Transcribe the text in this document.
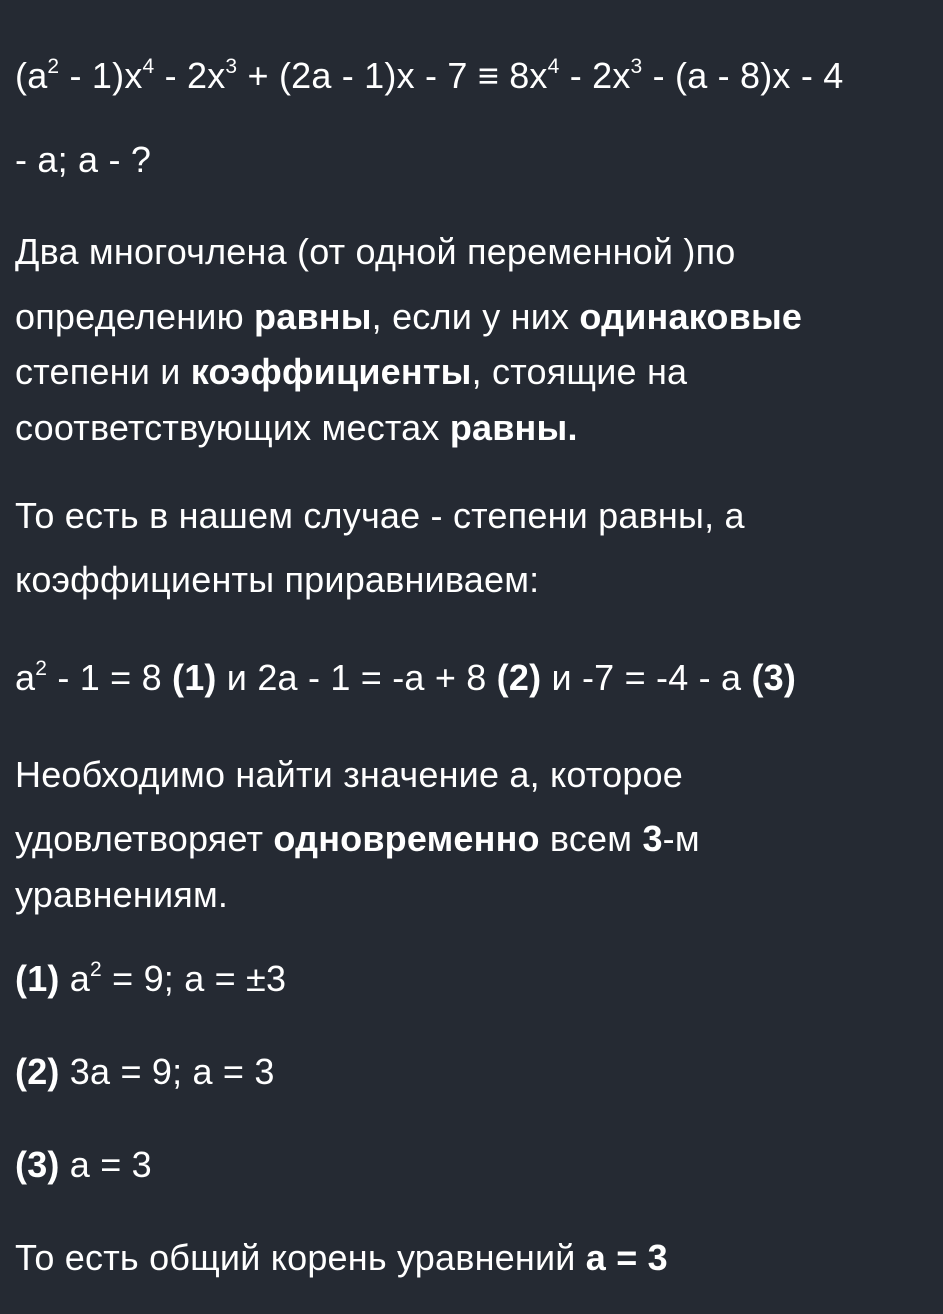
$(a^2 - 1)x^4 - 2x^3 + (2a - 1)x - 7 \equiv 8x^4 - 2x^3 - (a - 8)x - 4$
- a; a - ?
Два многочлена (от одной переменной )по
определению равны, если у них одинаковые
степени и коэффициенты, стоящие на
соответствующих местах равны.
То есть в нашем случае - степени равны, а
коэффициенты приравниваем:
$a^2 - 1 = 8$ (1) и 2a - 1 = -a + 8 (2) и -7 = -4 - a (3)
Необходимо найти значение a, которое
удовлетворяет одновременно всем 3-м
уравнениям.
(1) $a^2 = 9$; a = ±3
(2) 3a = 9; a = 3
(3) a = 3
То есть общий корень уравнений a = 3
